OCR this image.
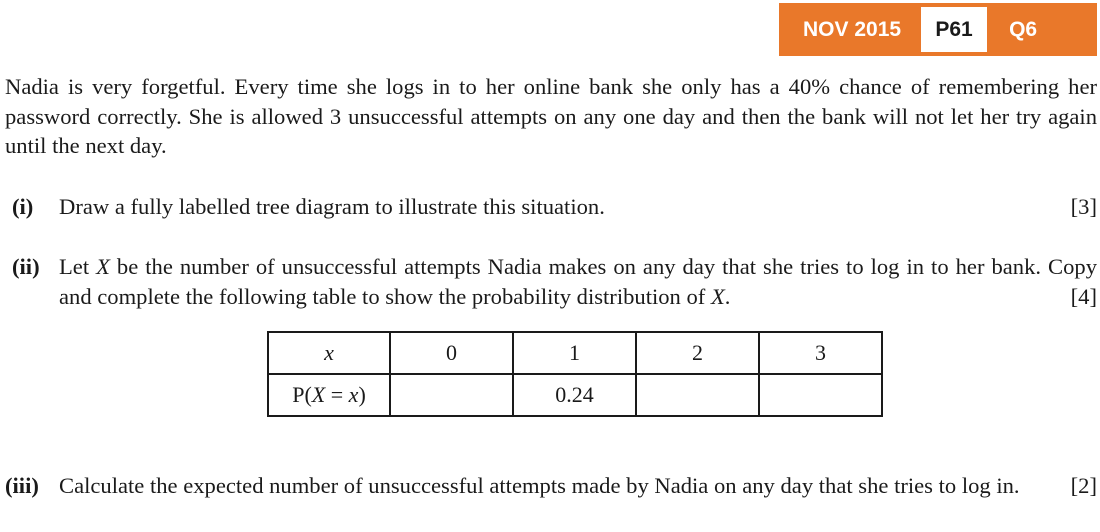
NOV 2015	P61	Q6
Nadia is very forgetful. Every time she logs in to her online bank she only has a 40% chance of remembering her password correctly. She is allowed 3 unsuccessful attempts on any one day and then the bank will not let her try again until the next day.
(i) Draw a fully labelled tree diagram to illustrate this situation.	[3]
(ii) Let X be the number of unsuccessful attempts Nadia makes on any day that she tries to log in to her bank. Copy and complete the following table to show the probability distribution of X.	[4]
x	0	1	2	3
P(X = x)		0.24		
(iii) Calculate the expected number of unsuccessful attempts made by Nadia on any day that she tries to log in.	[2]
